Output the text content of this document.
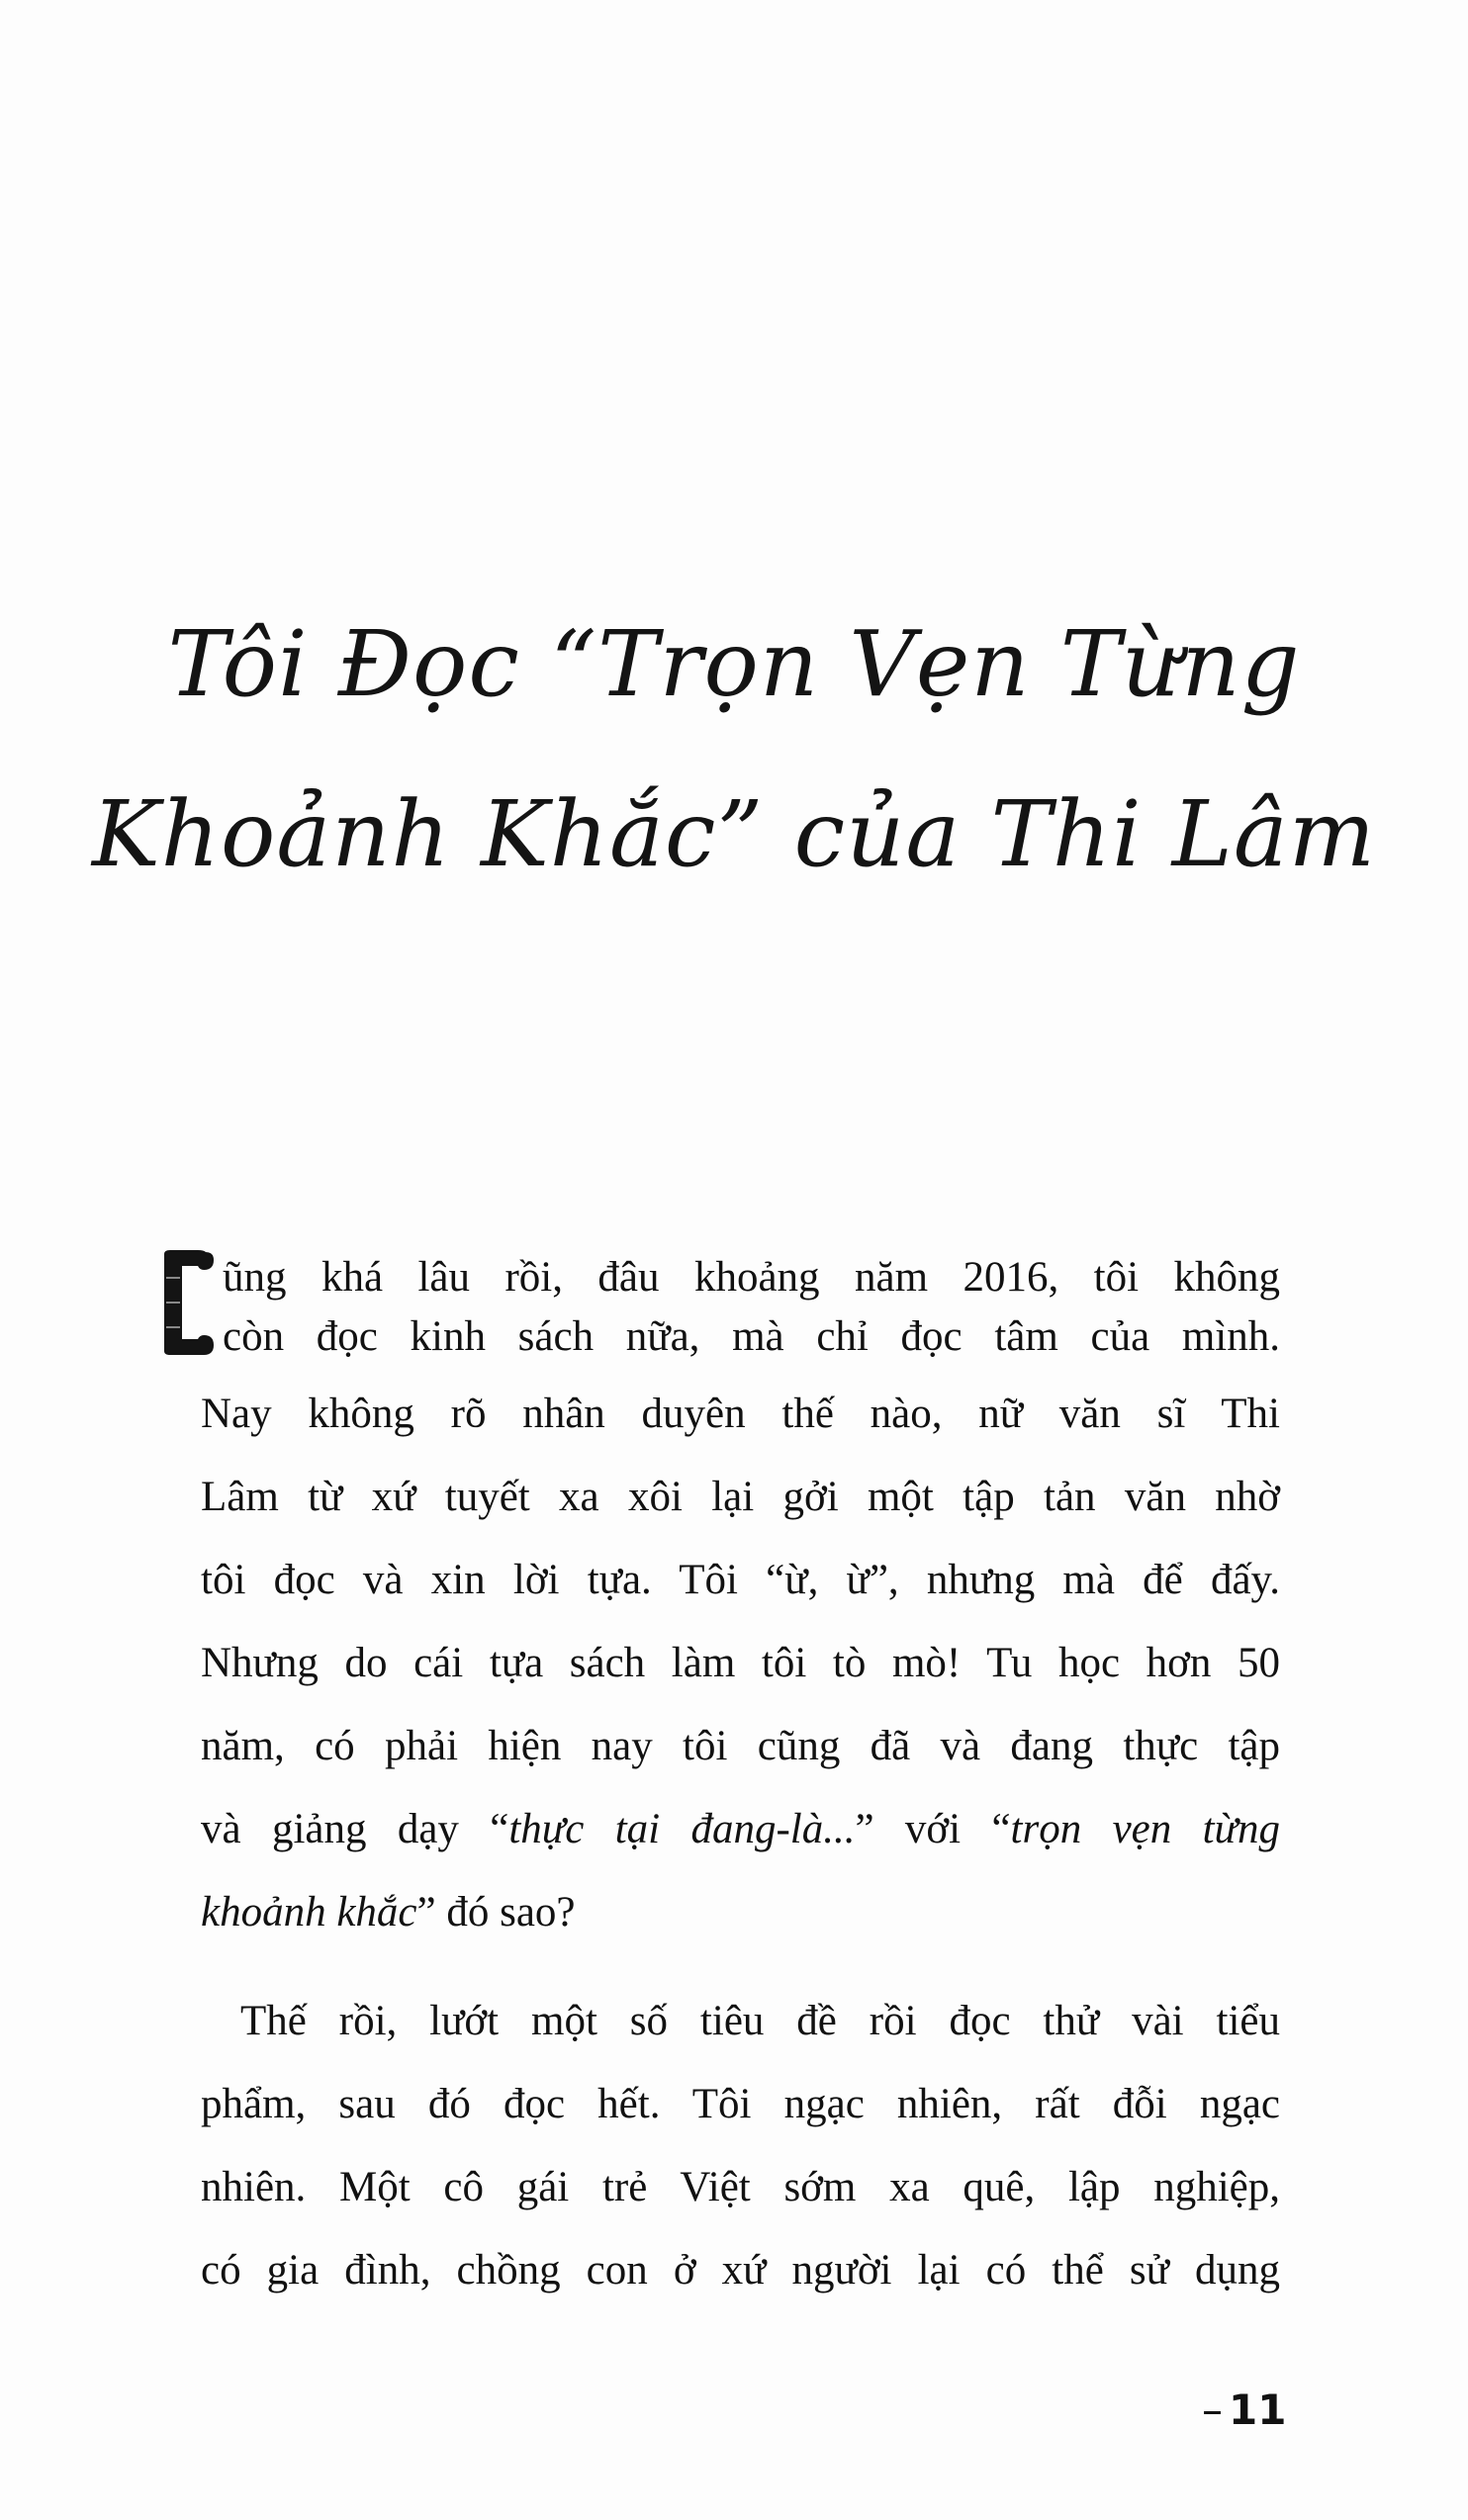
Tôi Đọc “Trọn Vẹn Từng
Khoảnh Khắc” của Thi Lâm
ũng khá lâu rồi, đâu khoảng năm 2016, tôi không
còn đọc kinh sách nữa, mà chỉ đọc tâm của mình.
Nay không rõ nhân duyên thế nào, nữ văn sĩ Thi
Lâm từ xứ tuyết xa xôi lại gởi một tập tản văn nhờ
tôi đọc và xin lời tựa. Tôi “ừ, ừ”, nhưng mà để đấy.
Nhưng do cái tựa sách làm tôi tò mò! Tu học hơn 50
năm, có phải hiện nay tôi cũng đã và đang thực tập
và giảng dạy “thực tại đang-là...” với “trọn vẹn từng
khoảnh khắc” đó sao?
Thế rồi, lướt một số tiêu đề rồi đọc thử vài tiểu
phẩm, sau đó đọc hết. Tôi ngạc nhiên, rất đỗi ngạc
nhiên. Một cô gái trẻ Việt sớm xa quê, lập nghiệp,
có gia đình, chồng con ở xứ người lại có thể sử dụng
– 11
